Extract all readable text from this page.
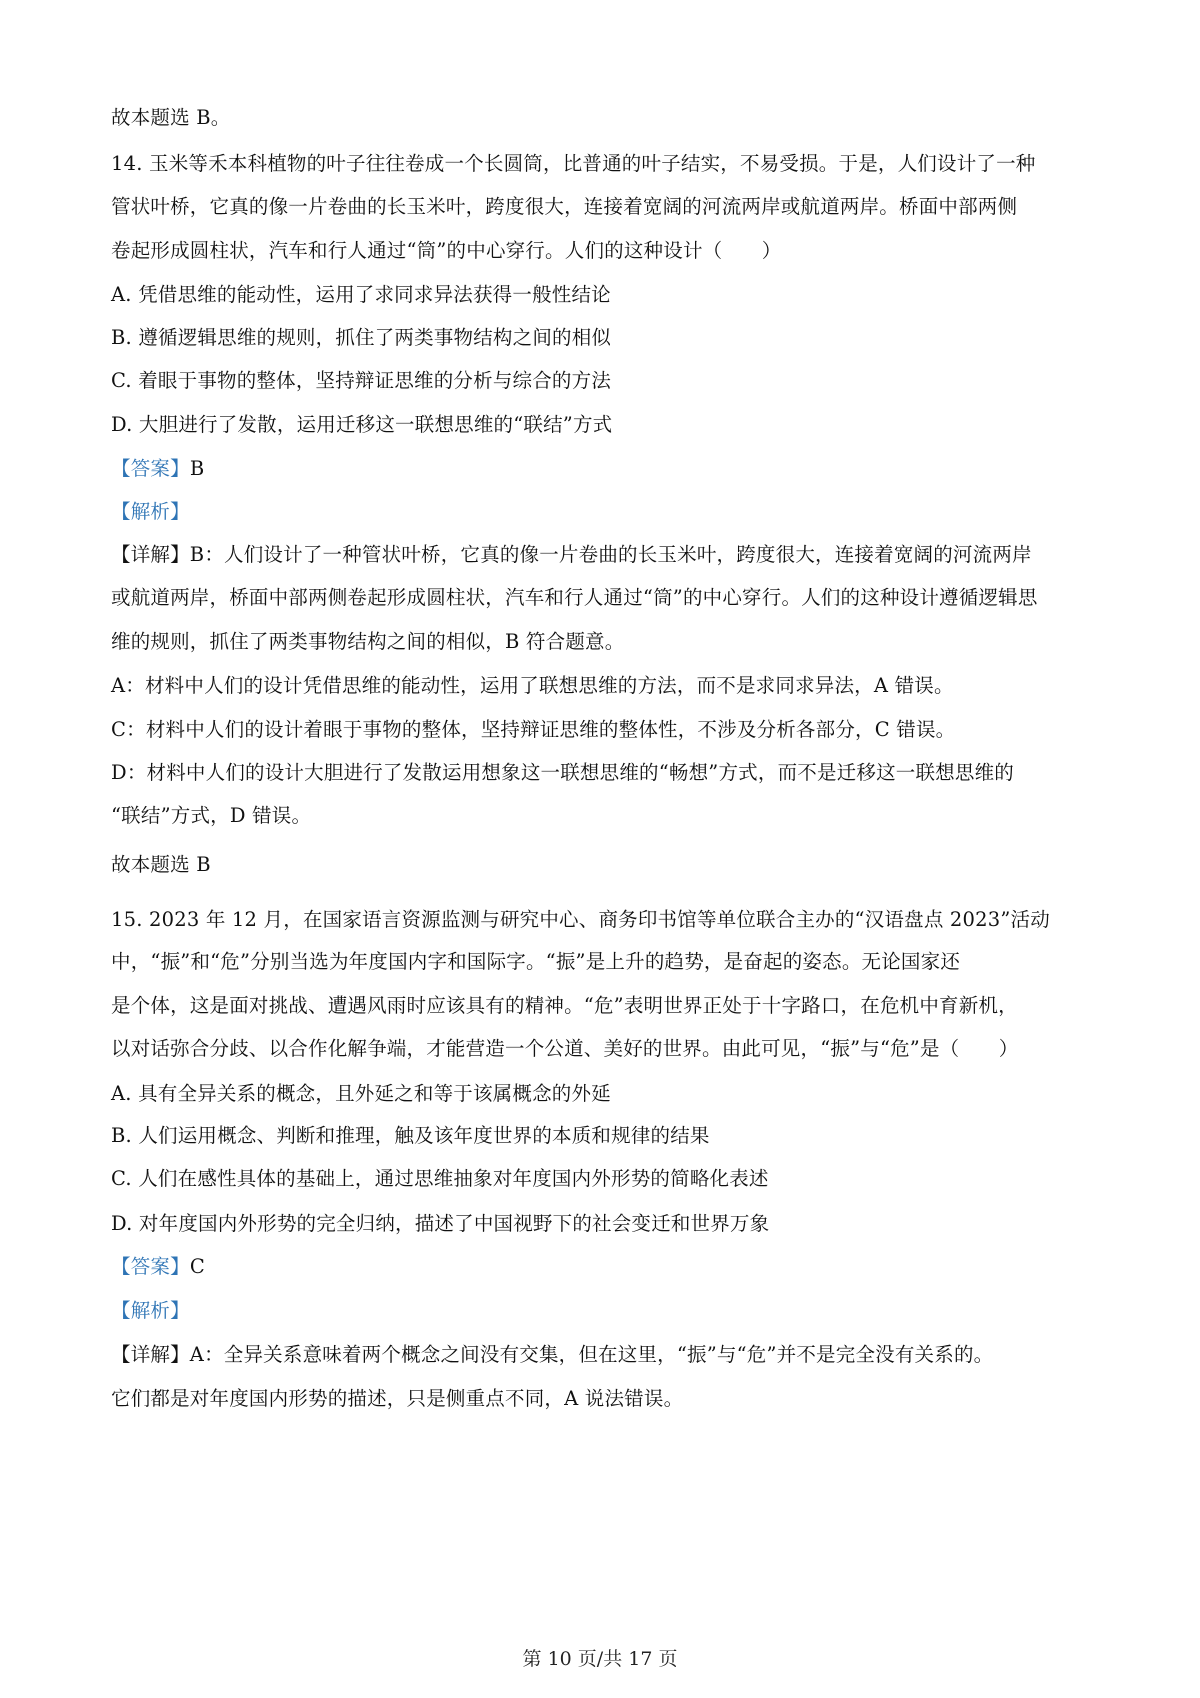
故本题选 B。
14. 玉米等禾本科植物的叶子往往卷成一个长圆筒，比普通的叶子结实，不易受损。于是，人们设计了一种
管状叶桥，它真的像一片卷曲的长玉米叶，跨度很大，连接着宽阔的河流两岸或航道两岸。桥面中部两侧
卷起形成圆柱状，汽车和行人通过“筒”的中心穿行。人们的这种设计（　　）
A. 凭借思维的能动性，运用了求同求异法获得一般性结论
B. 遵循逻辑思维的规则，抓住了两类事物结构之间的相似
C. 着眼于事物的整体，坚持辩证思维的分析与综合的方法
D. 大胆进行了发散，运用迁移这一联想思维的“联结”方式
【答案】B
【解析】
【详解】B：人们设计了一种管状叶桥，它真的像一片卷曲的长玉米叶，跨度很大，连接着宽阔的河流两岸
或航道两岸，桥面中部两侧卷起形成圆柱状，汽车和行人通过“筒”的中心穿行。人们的这种设计遵循逻辑思
维的规则，抓住了两类事物结构之间的相似，B 符合题意。
A：材料中人们的设计凭借思维的能动性，运用了联想思维的方法，而不是求同求异法，A 错误。
C：材料中人们的设计着眼于事物的整体，坚持辩证思维的整体性，不涉及分析各部分，C 错误。
D：材料中人们的设计大胆进行了发散运用想象这一联想思维的“畅想”方式，而不是迁移这一联想思维的
“联结”方式，D 错误。
故本题选 B
15. 2023 年 12 月，在国家语言资源监测与研究中心、商务印书馆等单位联合主办的“汉语盘点 2023”活动
中，“振”和“危”分别当选为年度国内字和国际字。“振”是上升的趋势，是奋起的姿态。无论国家还
是个体，这是面对挑战、遭遇风雨时应该具有的精神。“危”表明世界正处于十字路口，在危机中育新机，
以对话弥合分歧、以合作化解争端，才能营造一个公道、美好的世界。由此可见，“振”与“危”是（　　）
A. 具有全异关系的概念，且外延之和等于该属概念的外延
B. 人们运用概念、判断和推理，触及该年度世界的本质和规律的结果
C. 人们在感性具体的基础上，通过思维抽象对年度国内外形势的简略化表述
D. 对年度国内外形势的完全归纳，描述了中国视野下的社会变迁和世界万象
【答案】C
【解析】
【详解】A：全异关系意味着两个概念之间没有交集，但在这里，“振”与“危”并不是完全没有关系的。
它们都是对年度国内形势的描述，只是侧重点不同，A 说法错误。
第 10 页/共 17 页
